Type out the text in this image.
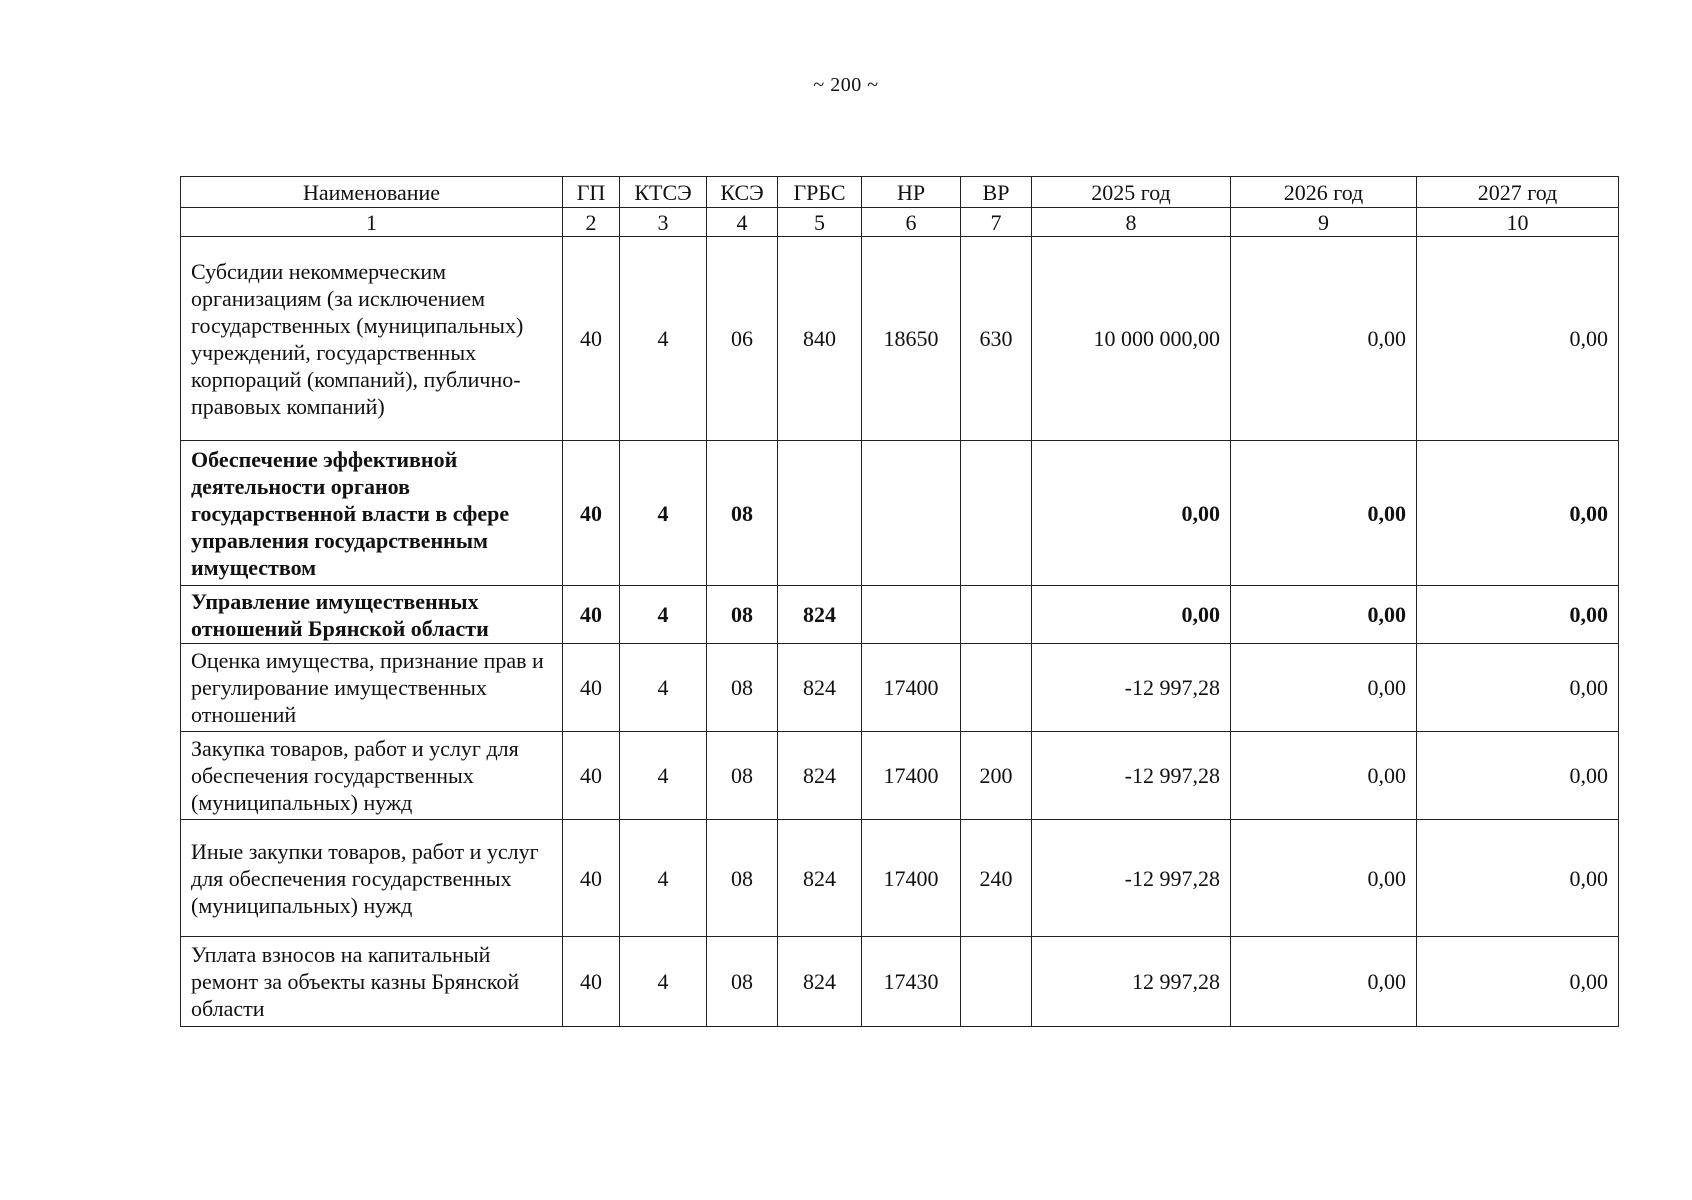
~ 200 ~
Наименование	ГП	КТСЭ	КСЭ	ГРБС	НР	ВР	2025 год	2026 год	2027 год
1	2	3	4	5	6	7	8	9	10
Субсидии некоммерческим организациям (за исключением государственных (муниципальных) учреждений, государственных корпораций (компаний), публично-правовых компаний)	40	4	06	840	18650	630	10 000 000,00	0,00	0,00
Обеспечение эффективной деятельности органов государственной власти в сфере управления государственным имуществом	40	4	08				0,00	0,00	0,00
Управление имущественных отношений Брянской области	40	4	08	824			0,00	0,00	0,00
Оценка имущества, признание прав и регулирование имущественных отношений	40	4	08	824	17400		-12 997,28	0,00	0,00
Закупка товаров, работ и услуг для обеспечения государственных (муниципальных) нужд	40	4	08	824	17400	200	-12 997,28	0,00	0,00
Иные закупки товаров, работ и услуг для обеспечения государственных (муниципальных) нужд	40	4	08	824	17400	240	-12 997,28	0,00	0,00
Уплата взносов на капитальный ремонт за объекты казны Брянской области	40	4	08	824	17430		12 997,28	0,00	0,00
